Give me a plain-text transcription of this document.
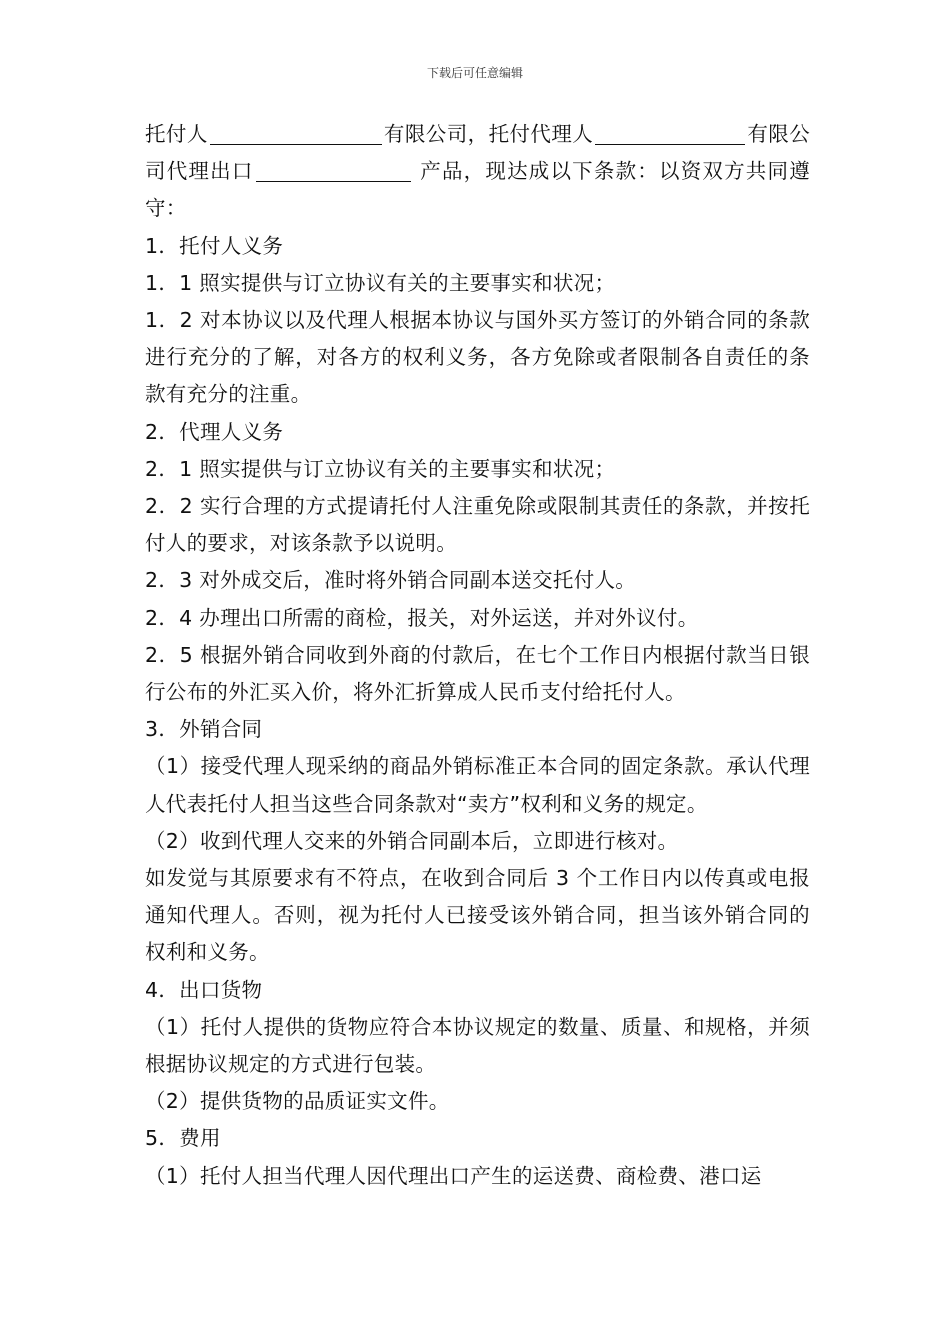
下载后可任意编辑

托付人	有限公司，托付代理人	有限公司代理出口	产品，现达成以下条款：以资双方共同遵守：

1．托付人义务

1．1 照实提供与订立协议有关的主要事实和状况；

1．2 对本协议以及代理人根据本协议与国外买方签订的外销合同的条款进行充分的了解，对各方的权利义务，各方免除或者限制各自责任的条款有充分的注重。

2．代理人义务

2．1 照实提供与订立协议有关的主要事实和状况；

2．2 实行合理的方式提请托付人注重免除或限制其责任的条款，并按托付人的要求，对该条款予以说明。

2．3 对外成交后，准时将外销合同副本送交托付人。

2．4 办理出口所需的商检，报关，对外运送，并对外议付。

2．5 根据外销合同收到外商的付款后，在七个工作日内根据付款当日银行公布的外汇买入价，将外汇折算成人民币支付给托付人。

3．外销合同

（1）接受代理人现采纳的商品外销标准正本合同的固定条款。承认代理人代表托付人担当这些合同条款对“卖方”权利和义务的规定。

（2）收到代理人交来的外销合同副本后，立即进行核对。

如发觉与其原要求有不符点，在收到合同后 3 个工作日内以传真或电报通知代理人。否则，视为托付人已接受该外销合同，担当该外销合同的权利和义务。

4．出口货物

（1）托付人提供的货物应符合本协议规定的数量、质量、和规格，并须根据协议规定的方式进行包装。

（2）提供货物的品质证实文件。

5．费用

（1）托付人担当代理人因代理出口产生的运送费、商检费、港口运
